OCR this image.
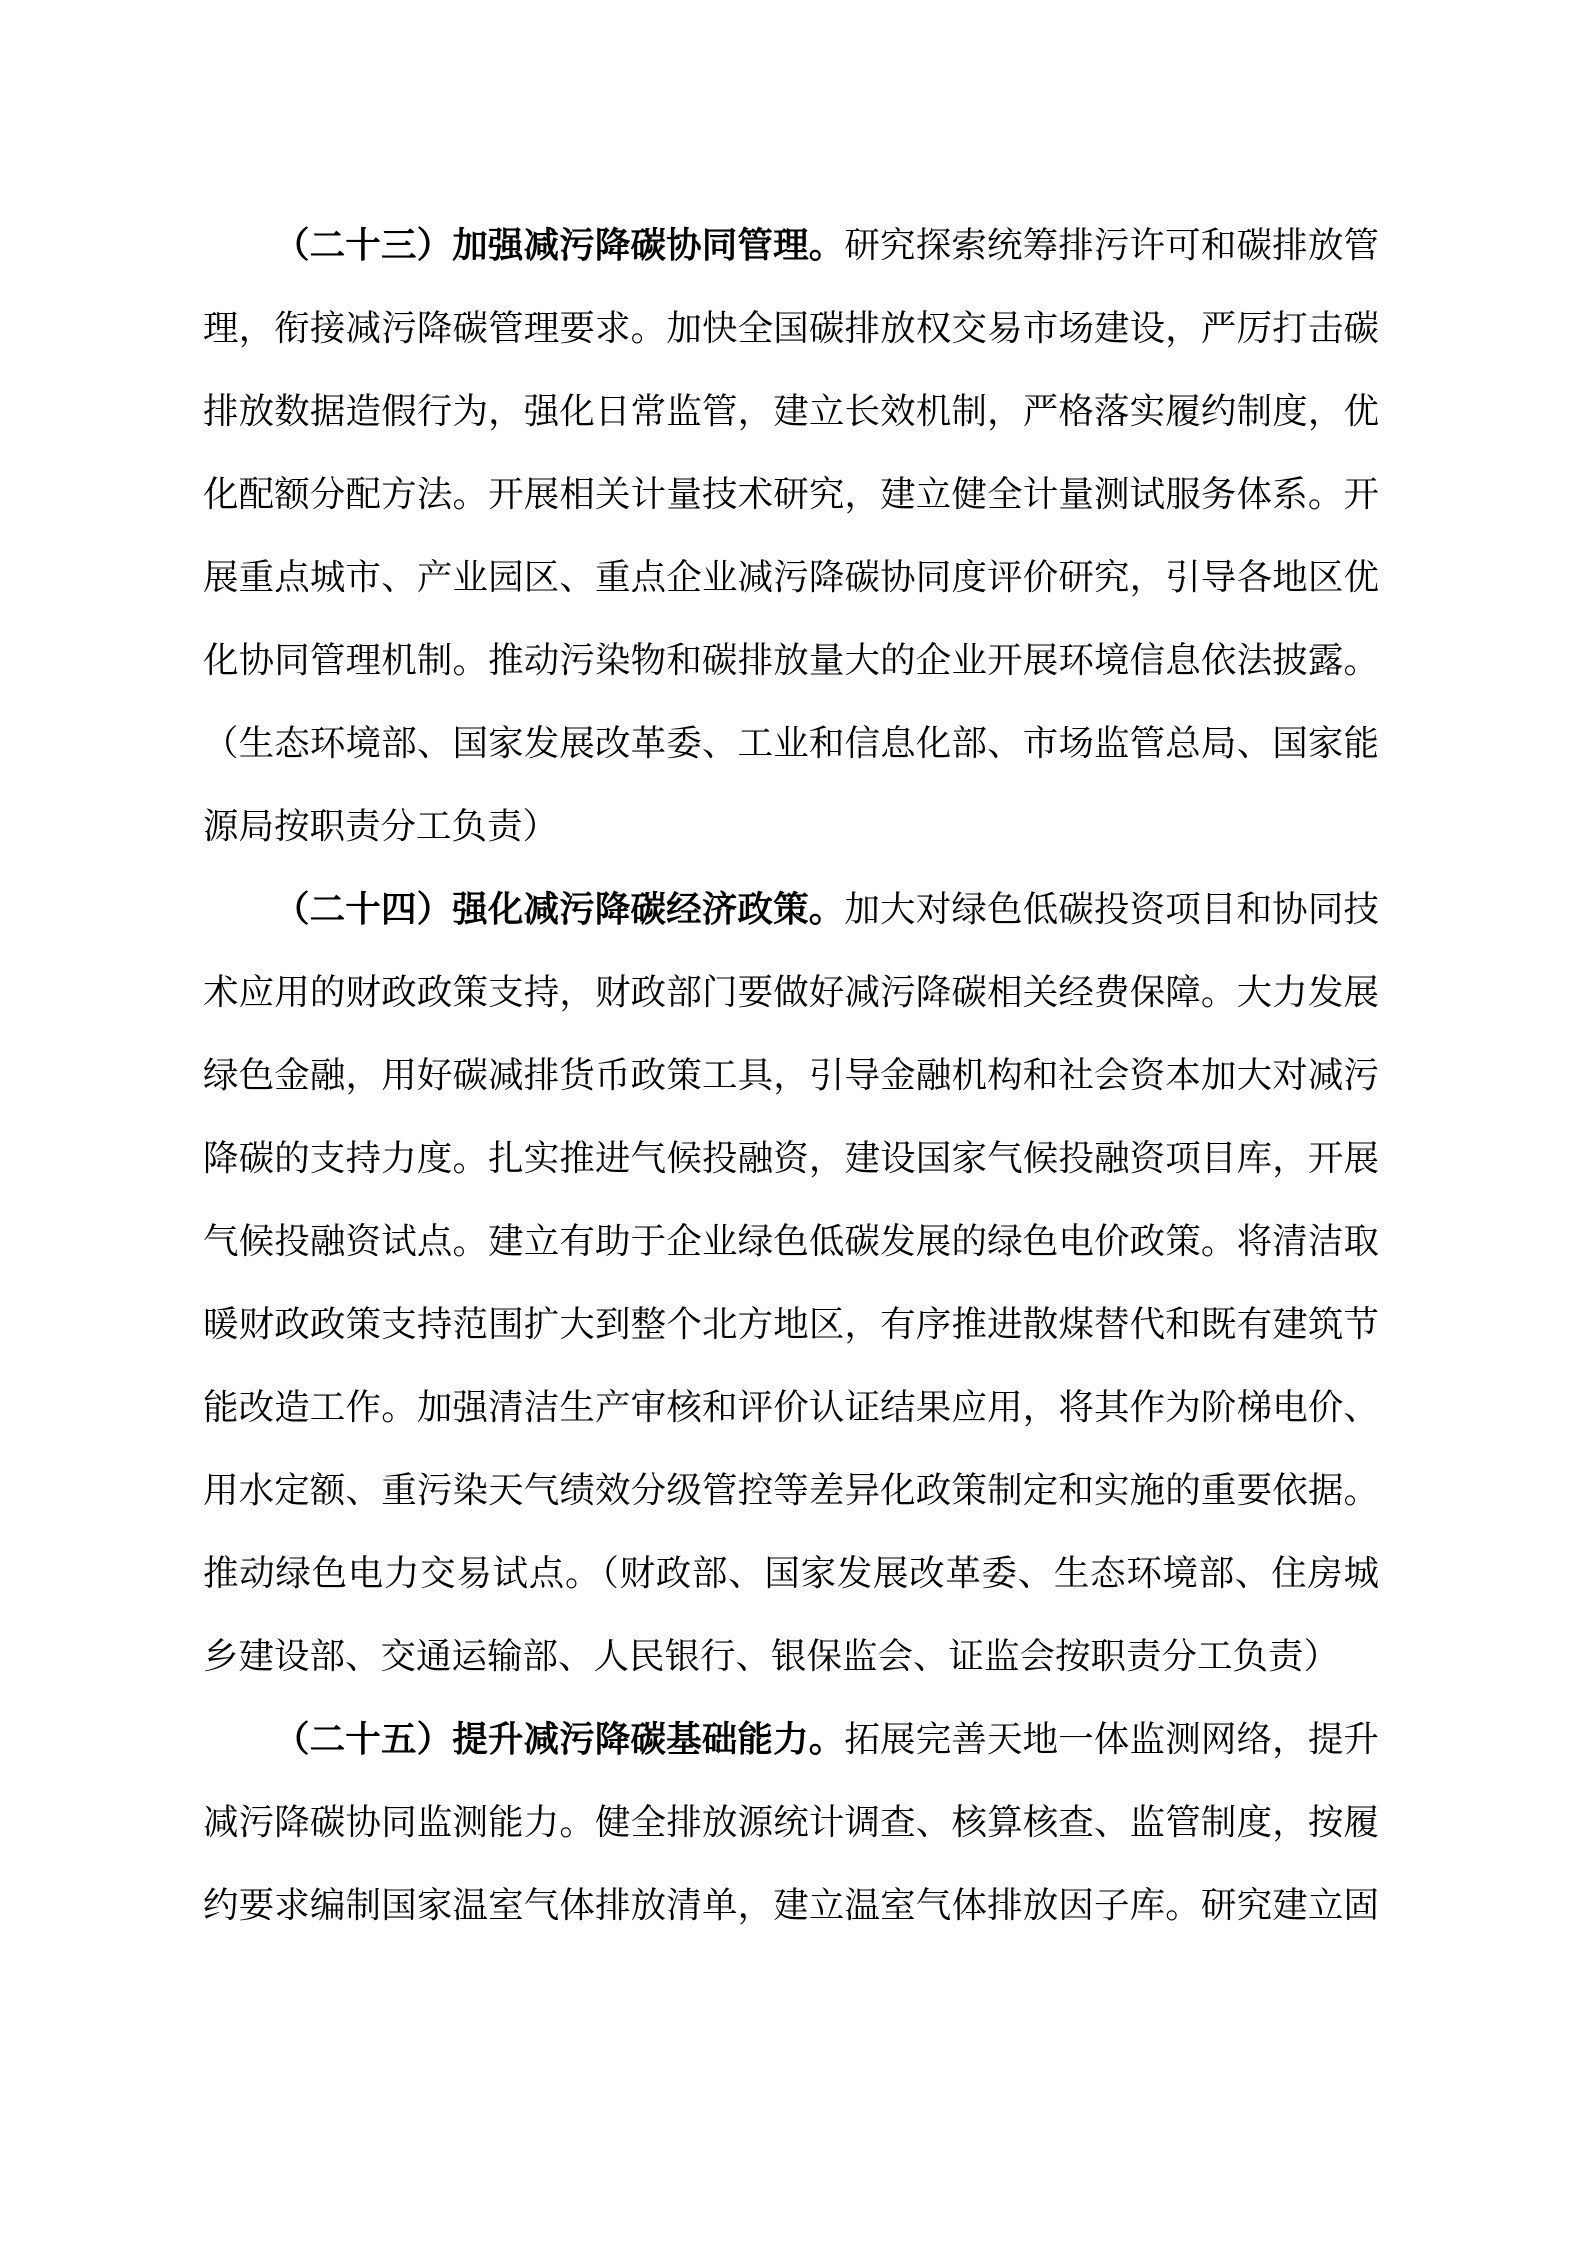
（二十三）加强减污降碳协同管理。研究探索统筹排污许可和碳排放管
理，衔接减污降碳管理要求。加快全国碳排放权交易市场建设，严厉打击碳
排放数据造假行为，强化日常监管，建立长效机制，严格落实履约制度，优
化配额分配方法。开展相关计量技术研究，建立健全计量测试服务体系。开
展重点城市、产业园区、重点企业减污降碳协同度评价研究，引导各地区优
化协同管理机制。推动污染物和碳排放量大的企业开展环境信息依法披露。
（生态环境部、国家发展改革委、工业和信息化部、市场监管总局、国家能
源局按职责分工负责）
（二十四）强化减污降碳经济政策。加大对绿色低碳投资项目和协同技
术应用的财政政策支持，财政部门要做好减污降碳相关经费保障。大力发展
绿色金融，用好碳减排货币政策工具，引导金融机构和社会资本加大对减污
降碳的支持力度。扎实推进气候投融资，建设国家气候投融资项目库，开展
气候投融资试点。建立有助于企业绿色低碳发展的绿色电价政策。将清洁取
暖财政政策支持范围扩大到整个北方地区，有序推进散煤替代和既有建筑节
能改造工作。加强清洁生产审核和评价认证结果应用，将其作为阶梯电价、
用水定额、重污染天气绩效分级管控等差异化政策制定和实施的重要依据。
推动绿色电力交易试点。（财政部、国家发展改革委、生态环境部、住房城
乡建设部、交通运输部、人民银行、银保监会、证监会按职责分工负责）
（二十五）提升减污降碳基础能力。拓展完善天地一体监测网络，提升
减污降碳协同监测能力。健全排放源统计调查、核算核查、监管制度，按履
约要求编制国家温室气体排放清单，建立温室气体排放因子库。研究建立固
